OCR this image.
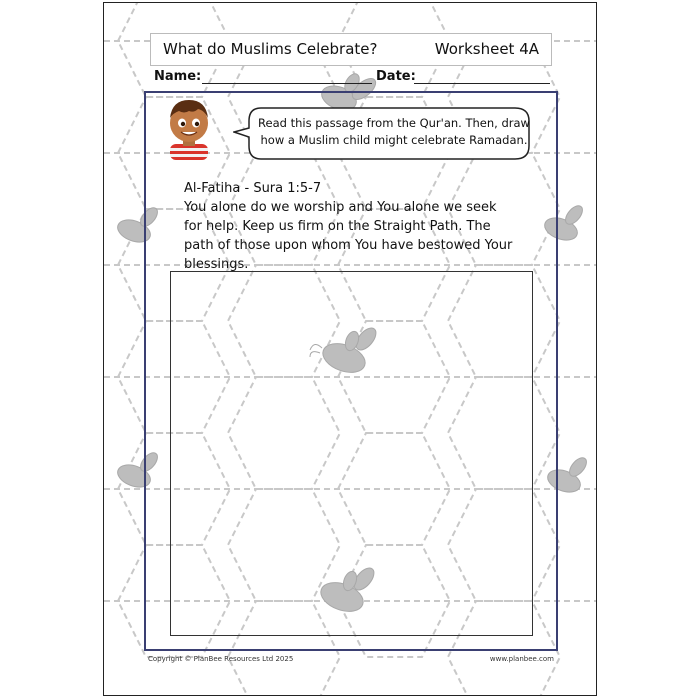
What do Muslims Celebrate?	Worksheet 4A
Name:	Date:
Read this passage from the Qur'an. Then, draw how a Muslim child might celebrate Ramadan.
Al-Fatiha - Sura 1:5-7
You alone do we worship and You alone we seek for help. Keep us firm on the Straight Path. The path of those upon whom You have bestowed Your blessings.
Copyright © PlanBee Resources Ltd 2025	www.planbee.com
